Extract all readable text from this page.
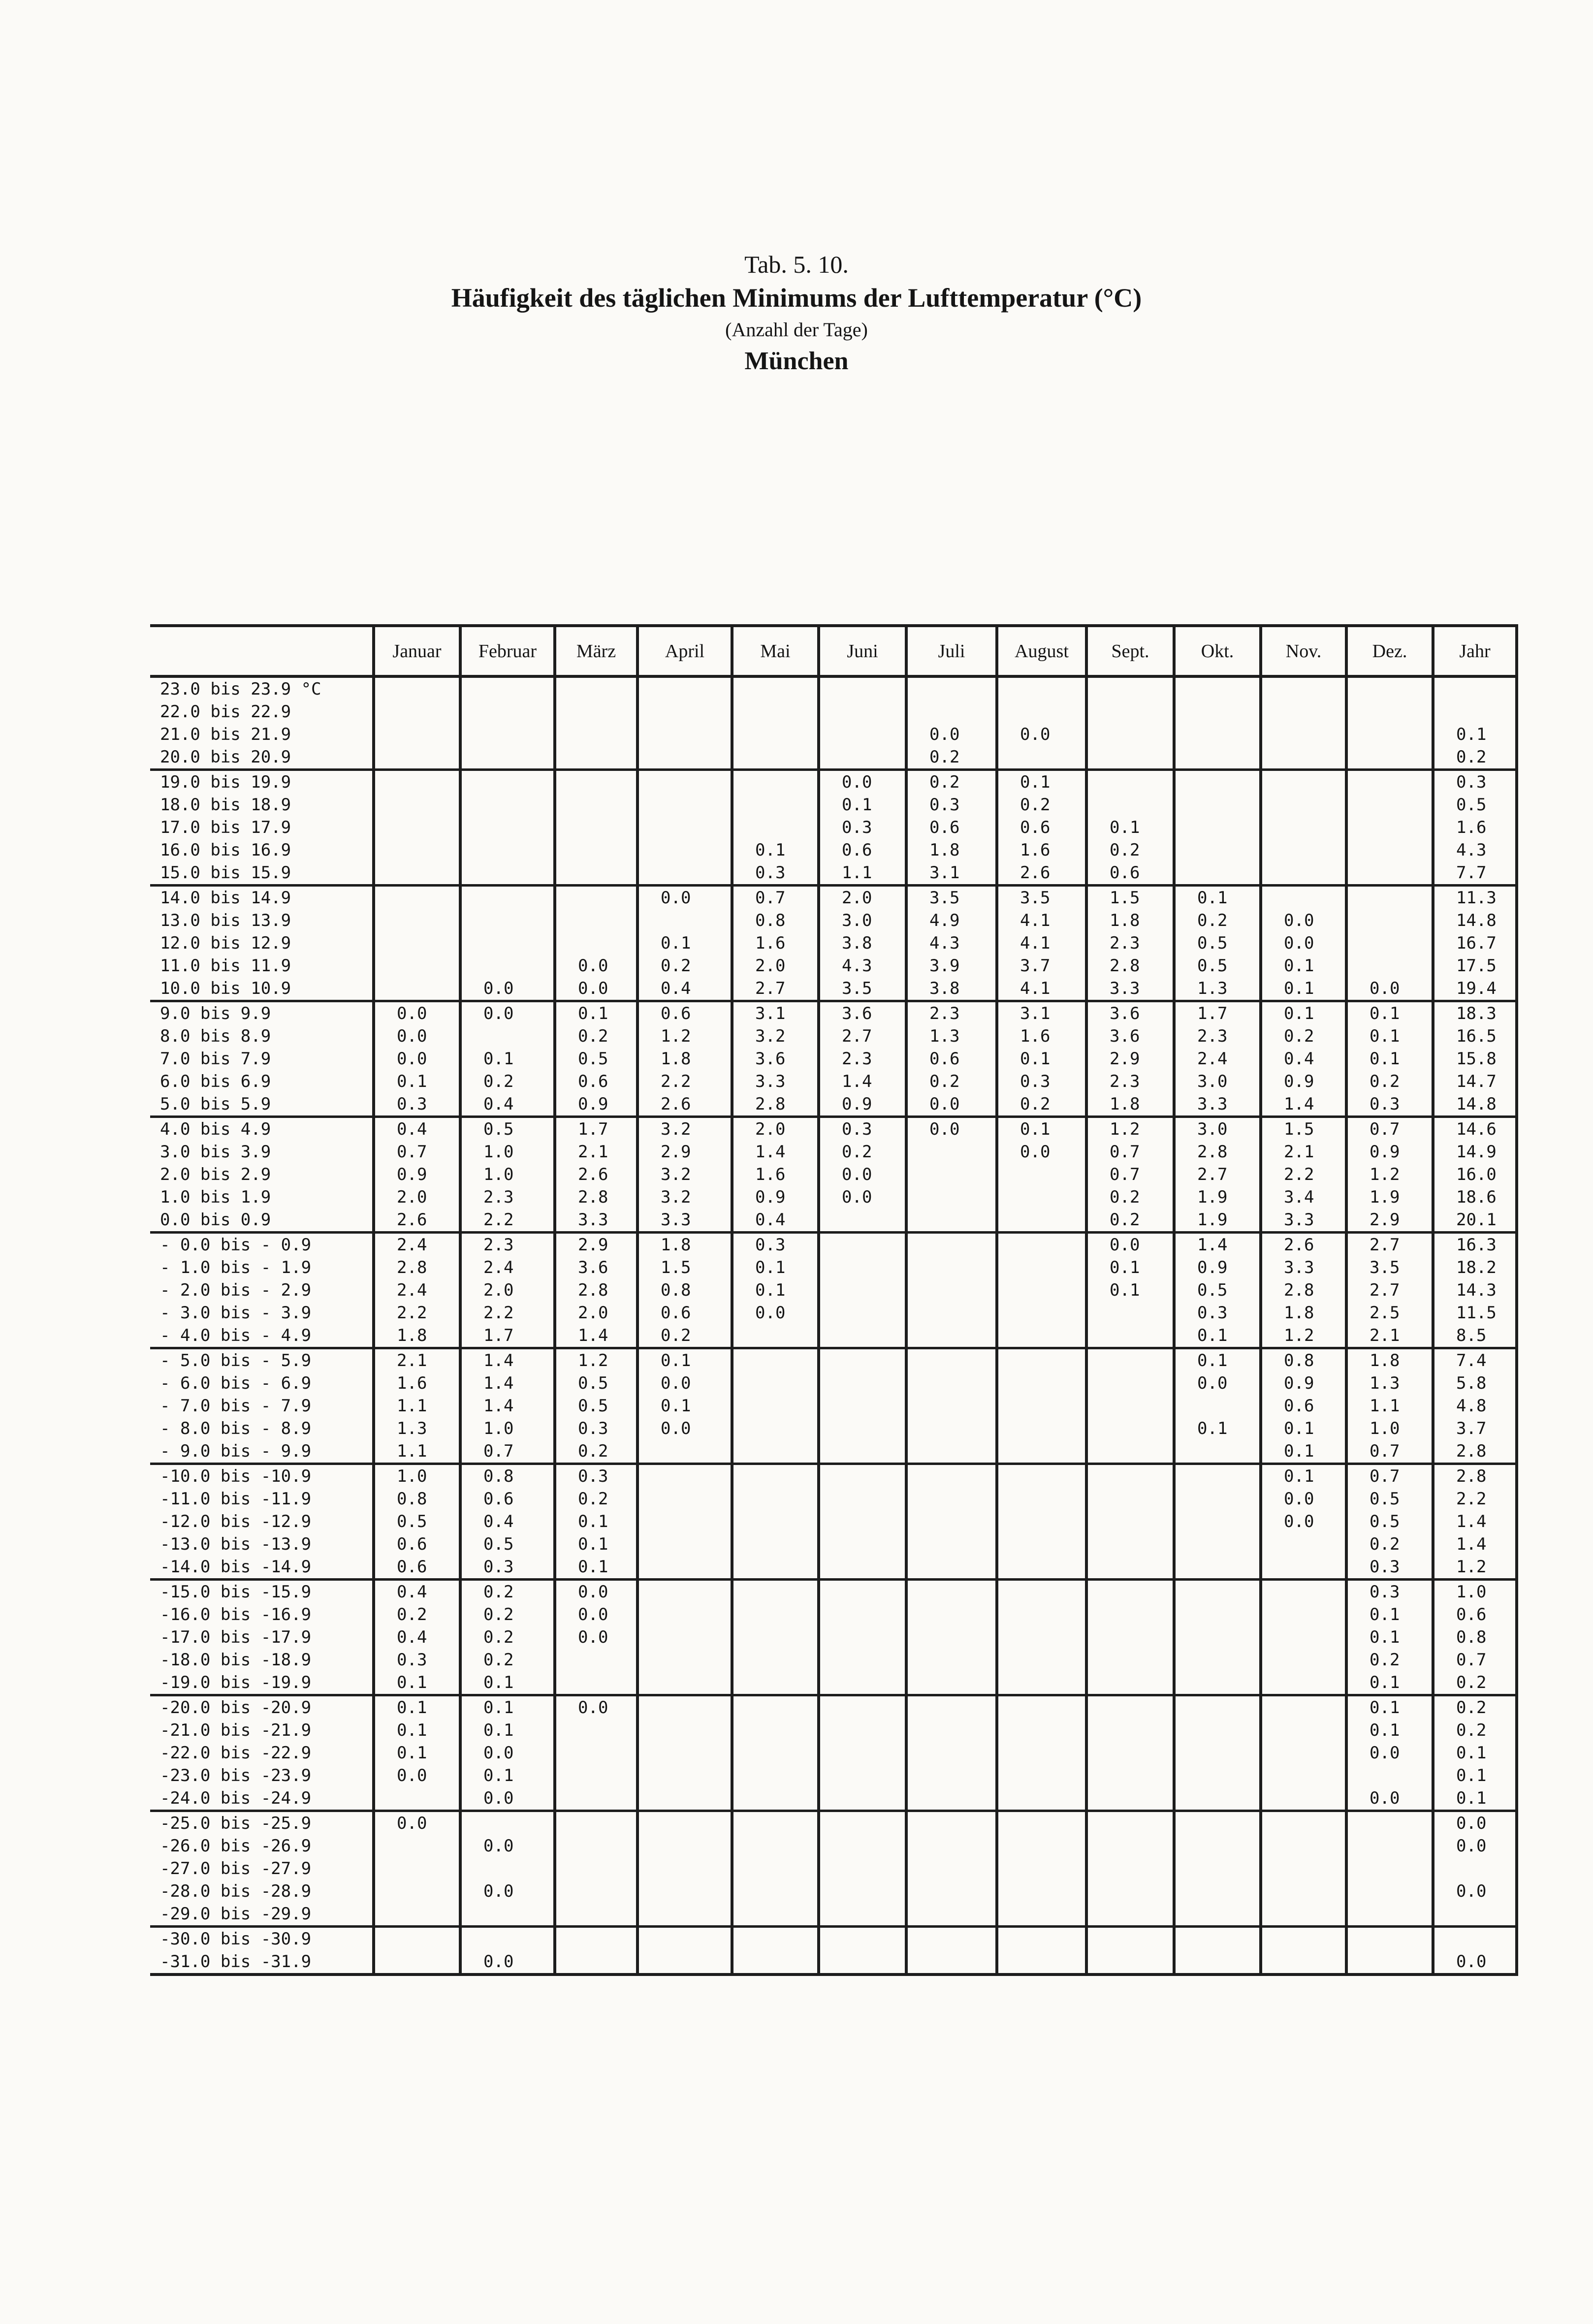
Tab. 5. 10.
Häufigkeit des täglichen Minimums der Lufttemperatur (°C)
(Anzahl der Tage)
München
	Januar	Februar	März	April	Mai	Juni	Juli	August	Sept.	Okt.	Nov.	Dez.	Jahr
23.0 bis 23.9 °C													
22.0 bis 22.9													
21.0 bis 21.9							0.0	0.0					0.1
20.0 bis 20.9							0.2						0.2
19.0 bis 19.9						0.0	0.2	0.1					0.3
18.0 bis 18.9						0.1	0.3	0.2					0.5
17.0 bis 17.9						0.3	0.6	0.6	0.1				1.6
16.0 bis 16.9					0.1	0.6	1.8	1.6	0.2				4.3
15.0 bis 15.9					0.3	1.1	3.1	2.6	0.6				7.7
14.0 bis 14.9				0.0	0.7	2.0	3.5	3.5	1.5	0.1			11.3
13.0 bis 13.9					0.8	3.0	4.9	4.1	1.8	0.2	0.0		14.8
12.0 bis 12.9				0.1	1.6	3.8	4.3	4.1	2.3	0.5	0.0		16.7
11.0 bis 11.9			0.0	0.2	2.0	4.3	3.9	3.7	2.8	0.5	0.1		17.5
10.0 bis 10.9		0.0	0.0	0.4	2.7	3.5	3.8	4.1	3.3	1.3	0.1	0.0	19.4
9.0 bis 9.9	0.0	0.0	0.1	0.6	3.1	3.6	2.3	3.1	3.6	1.7	0.1	0.1	18.3
8.0 bis 8.9	0.0		0.2	1.2	3.2	2.7	1.3	1.6	3.6	2.3	0.2	0.1	16.5
7.0 bis 7.9	0.0	0.1	0.5	1.8	3.6	2.3	0.6	0.1	2.9	2.4	0.4	0.1	15.8
6.0 bis 6.9	0.1	0.2	0.6	2.2	3.3	1.4	0.2	0.3	2.3	3.0	0.9	0.2	14.7
5.0 bis 5.9	0.3	0.4	0.9	2.6	2.8	0.9	0.0	0.2	1.8	3.3	1.4	0.3	14.8
4.0 bis 4.9	0.4	0.5	1.7	3.2	2.0	0.3	0.0	0.1	1.2	3.0	1.5	0.7	14.6
3.0 bis 3.9	0.7	1.0	2.1	2.9	1.4	0.2		0.0	0.7	2.8	2.1	0.9	14.9
2.0 bis 2.9	0.9	1.0	2.6	3.2	1.6	0.0			0.7	2.7	2.2	1.2	16.0
1.0 bis 1.9	2.0	2.3	2.8	3.2	0.9	0.0			0.2	1.9	3.4	1.9	18.6
0.0 bis 0.9	2.6	2.2	3.3	3.3	0.4				0.2	1.9	3.3	2.9	20.1
- 0.0 bis - 0.9	2.4	2.3	2.9	1.8	0.3				0.0	1.4	2.6	2.7	16.3
- 1.0 bis - 1.9	2.8	2.4	3.6	1.5	0.1				0.1	0.9	3.3	3.5	18.2
- 2.0 bis - 2.9	2.4	2.0	2.8	0.8	0.1				0.1	0.5	2.8	2.7	14.3
- 3.0 bis - 3.9	2.2	2.2	2.0	0.6	0.0					0.3	1.8	2.5	11.5
- 4.0 bis - 4.9	1.8	1.7	1.4	0.2						0.1	1.2	2.1	8.5
- 5.0 bis - 5.9	2.1	1.4	1.2	0.1						0.1	0.8	1.8	7.4
- 6.0 bis - 6.9	1.6	1.4	0.5	0.0						0.0	0.9	1.3	5.8
- 7.0 bis - 7.9	1.1	1.4	0.5	0.1							0.6	1.1	4.8
- 8.0 bis - 8.9	1.3	1.0	0.3	0.0						0.1	0.1	1.0	3.7
- 9.0 bis - 9.9	1.1	0.7	0.2								0.1	0.7	2.8
-10.0 bis -10.9	1.0	0.8	0.3								0.1	0.7	2.8
-11.0 bis -11.9	0.8	0.6	0.2								0.0	0.5	2.2
-12.0 bis -12.9	0.5	0.4	0.1								0.0	0.5	1.4
-13.0 bis -13.9	0.6	0.5	0.1									0.2	1.4
-14.0 bis -14.9	0.6	0.3	0.1									0.3	1.2
-15.0 bis -15.9	0.4	0.2	0.0									0.3	1.0
-16.0 bis -16.9	0.2	0.2	0.0									0.1	0.6
-17.0 bis -17.9	0.4	0.2	0.0									0.1	0.8
-18.0 bis -18.9	0.3	0.2										0.2	0.7
-19.0 bis -19.9	0.1	0.1										0.1	0.2
-20.0 bis -20.9	0.1	0.1	0.0									0.1	0.2
-21.0 bis -21.9	0.1	0.1										0.1	0.2
-22.0 bis -22.9	0.1	0.0										0.0	0.1
-23.0 bis -23.9	0.0	0.1											0.1
-24.0 bis -24.9		0.0										0.0	0.1
-25.0 bis -25.9	0.0												0.0
-26.0 bis -26.9		0.0											0.0
-27.0 bis -27.9													
-28.0 bis -28.9		0.0											0.0
-29.0 bis -29.9													
-30.0 bis -30.9													
-31.0 bis -31.9		0.0											0.0
